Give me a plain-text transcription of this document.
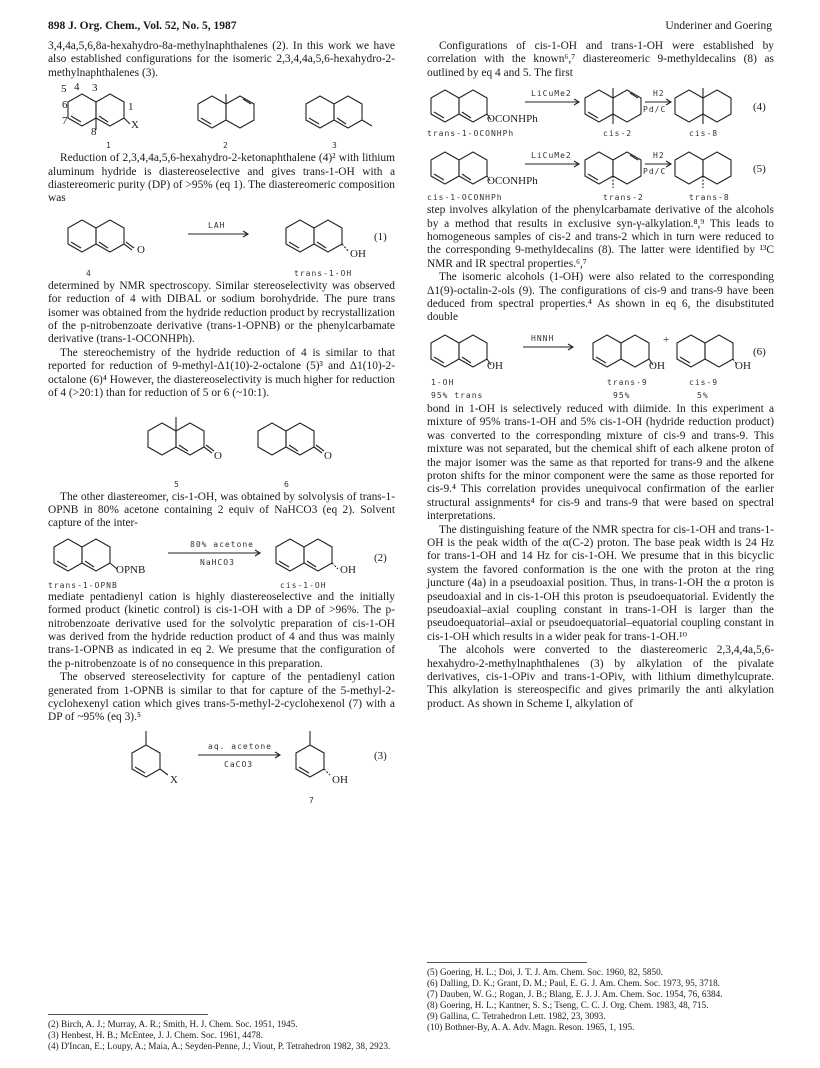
898 J. Org. Chem., Vol. 52, No. 5, 1987	Underiner and Goering

3,4,4a,5,6,8a-hexahydro-8a-methylnaphthalenes (2). In this work we have also established configurations for the isomeric 2,3,4,4a,5,6-hexahydro-2-methylnaphthalenes (3).

X
5 4 3
6	1
7
8
1	2	3

Reduction of 2,3,4,4a,5,6-hexahydro-2-ketonaphthalene (4)² with lithium aluminum hydride is diastereoselective and gives trans-1-OH with a diastereomeric purity (DP) of >95% (eq 1). The diastereomeric composition was

O
LAH
OH
(1)
4	trans-1-OH

determined by NMR spectroscopy. Similar stereoselectivity was observed for reduction of 4 with DIBAL or sodium borohydride. The pure trans isomer was obtained from the hydride reduction product by recrystallization of the p-nitrobenzoate derivative (trans-1-OPNB) or the phenylcarbamate derivative (trans-1-OCONHPh).

The stereochemistry of the hydride reduction of 4 is similar to that reported for reduction of 9-methyl-Δ1(10)-2-octalone (5)³ and Δ1(10)-2-octalone (6)⁴ However, the diastereoselectivity is much higher for reduction of 4 (>20:1) than for reduction of 5 or 6 (~10:1).

O	O
5	6

The other diastereomer, cis-1-OH, was obtained by solvolysis of trans-1-OPNB in 80% acetone containing 2 equiv of NaHCO3 (eq 2). Solvent capture of the inter-

OPNB
80% acetone
NaHCO3
OH
(2)
trans-1-OPNB	cis-1-OH

mediate pentadienyl cation is highly diastereoselective and the initially formed product (kinetic control) is cis-1-OH with a DP of >96%. The p-nitrobenzoate derivative used for the solvolytic preparation of cis-1-OH was derived from the hydride reduction product of 4 and thus was mainly trans-1-OPNB as indicated in eq 2. We presume that the configuration of the p-nitrobenzoate is of no consequence in this preparation.

The observed stereoselectivity for capture of the pentadienyl cation generated from 1-OPNB is similar to that for capture of the 5-methyl-2-cyclohexenyl cation which gives trans-5-methyl-2-cyclohexenol (7) with a DP of ~95% (eq 3).⁵

X
aq. acetone
CaCO3
OH
(3)
7
(2) Birch, A. J.; Murray, A. R.; Smith, H. J. Chem. Soc. 1951, 1945.
(3) Henbest, H. B.; McEntee, J. J. Chem. Soc. 1961, 4478.
(4) D'Incan, E.; Loupy, A.; Maia, A.; Seyden-Penne, J.; Viout, P. Tetrahedron 1982, 38, 2923.

Configurations of cis-1-OH and trans-1-OH were established by correlation with the known⁶,⁷ diastereomeric 9-methyldecalins (8) as outlined by eq 4 and 5. The first

OCONHPh
LiCuMe2	H2
Pd/C	(4)
trans-1-OCONHPh	cis-2	cis-8
OCONHPh
LiCuMe2	H2
Pd/C	(5)
cis-1-OCONHPh	trans-2	trans-8

step involves alkylation of the phenylcarbamate derivative of the alcohols by a method that results in exclusive syn-γ-alkylation.⁸,⁹ This leads to homogeneous samples of cis-2 and trans-2 which in turn were reduced to the corresponding 9-methyldecalins (8). The latter were identified by ¹³C NMR and IR spectral properties.⁶,⁷

The isomeric alcohols (1-OH) were also related to the corresponding Δ1(9)-octalin-2-ols (9). The configurations of cis-9 and trans-9 have been deduced from spectral properties.⁴ As shown in eq 6, the disubstituted double

OH
HNNH
OH
+
OH
(6)
1-OH	trans-9	cis-9
95% trans	95%	5%

bond in 1-OH is selectively reduced with diimide. In this experiment a mixture of 95% trans-1-OH and 5% cis-1-OH (hydride reduction product) was converted to the corresponding mixture of cis-9 and trans-9. This mixture was not separated, but the chemical shift of each alkene proton of the major isomer was the same as that reported for trans-9 and the alkene proton shifts for the minor component were the same as those reported for cis-9.⁴ This correlation provides unequivocal confirmation of the earlier structural assignments⁴ for cis-9 and trans-9 that were based on spectral interpretations.

The distinguishing feature of the NMR spectra for cis-1-OH and trans-1-OH is the peak width of the α(C-2) proton. The base peak width is 24 Hz for trans-1-OH and 14 Hz for cis-1-OH. We presume that in this bicyclic system the favored conformation is the one with the proton at the ring juncture (4a) in a pseudoaxial position. Thus, in trans-1-OH the α proton is pseudoaxial and in cis-1-OH this proton is pseudoequatorial. Evidently the pseudoaxial–axial coupling constant in trans-1-OH is larger than the pseudoequatorial–axial or pseudoequatorial–equatorial coupling constant in cis-1-OH which results in a wider peak for trans-1-OH.¹⁰

The alcohols were converted to the diastereomeric 2,3,4,4a,5,6-hexahydro-2-methylnaphthalenes (3) by alkylation of the pivalate derivatives, cis-1-OPiv and trans-1-OPiv, with lithium dimethylcuprate. This alkylation is stereospecific and gives primarily the anti alkylation product. As shown in Scheme I, alkylation of

(5) Goering, H. L.; Doi, J. T. J. Am. Chem. Soc. 1960, 82, 5850.
(6) Dalling, D. K.; Grant, D. M.; Paul, E. G. J. Am. Chem. Soc. 1973, 95, 3718.
(7) Dauben, W. G.; Rogan, J. B.; Blang, E. J. J. Am. Chem. Soc. 1954, 76, 6384.
(8) Goering, H. L.; Kantner, S. S.; Tseng, C. C. J. Org. Chem. 1983, 48, 715.
(9) Gallina, C. Tetrahedron Lett. 1982, 23, 3093.
(10) Bothner-By, A. A. Adv. Magn. Reson. 1965, 1, 195.
